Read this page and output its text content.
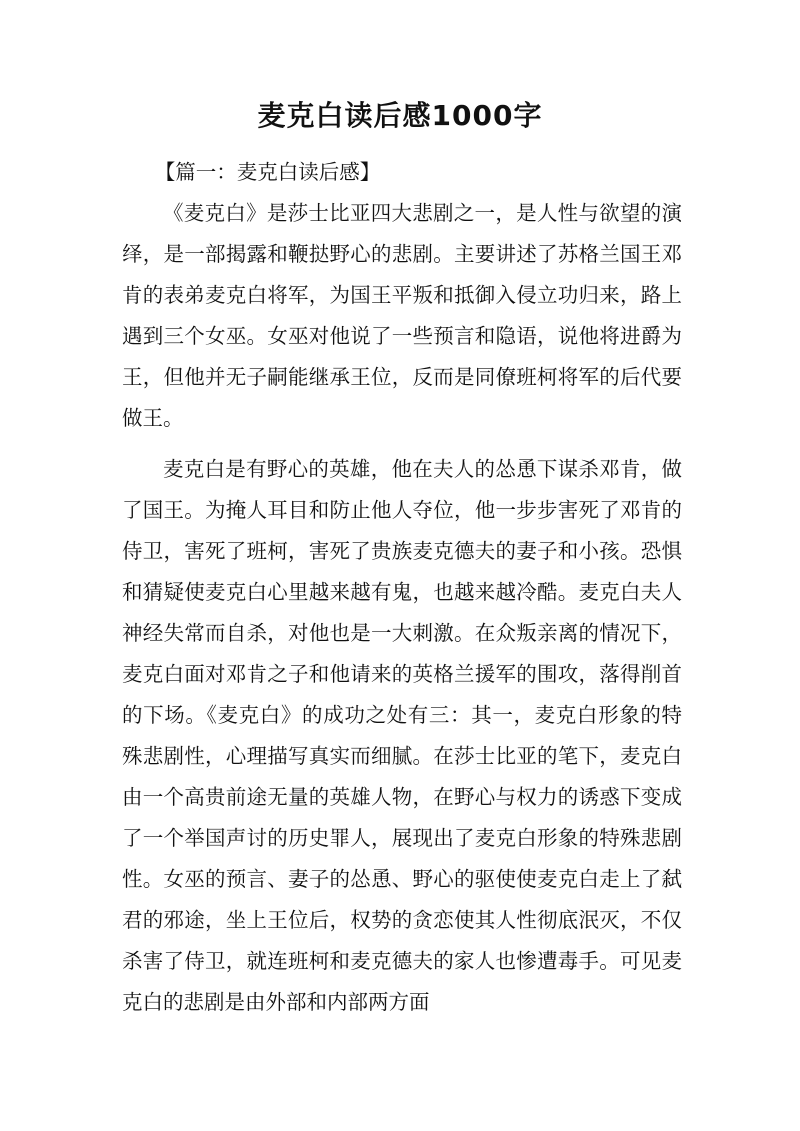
麦克白读后感1000字

【篇一：麦克白读后感】

《麦克白》是莎士比亚四大悲剧之一，是人性与欲望的演绎，是一部揭露和鞭挞野心的悲剧。主要讲述了苏格兰国王邓肯的表弟麦克白将军，为国王平叛和抵御入侵立功归来，路上遇到三个女巫。女巫对他说了一些预言和隐语，说他将进爵为王，但他并无子嗣能继承王位，反而是同僚班柯将军的后代要做王。

麦克白是有野心的英雄，他在夫人的怂恿下谋杀邓肯，做了国王。为掩人耳目和防止他人夺位，他一步步害死了邓肯的侍卫，害死了班柯，害死了贵族麦克德夫的妻子和小孩。恐惧和猜疑使麦克白心里越来越有鬼，也越来越冷酷。麦克白夫人神经失常而自杀，对他也是一大刺激。在众叛亲离的情况下，麦克白面对邓肯之子和他请来的英格兰援军的围攻，落得削首的下场。《麦克白》的成功之处有三：其一，麦克白形象的特殊悲剧性，心理描写真实而细腻。在莎士比亚的笔下，麦克白由一个高贵前途无量的英雄人物，在野心与权力的诱惑下变成了一个举国声讨的历史罪人，展现出了麦克白形象的特殊悲剧性。女巫的预言、妻子的怂恿、野心的驱使使麦克白走上了弑君的邪途，坐上王位后，权势的贪恋使其人性彻底泯灭，不仅杀害了侍卫，就连班柯和麦克德夫的家人也惨遭毒手。可见麦克白的悲剧是由外部和内部两方面
